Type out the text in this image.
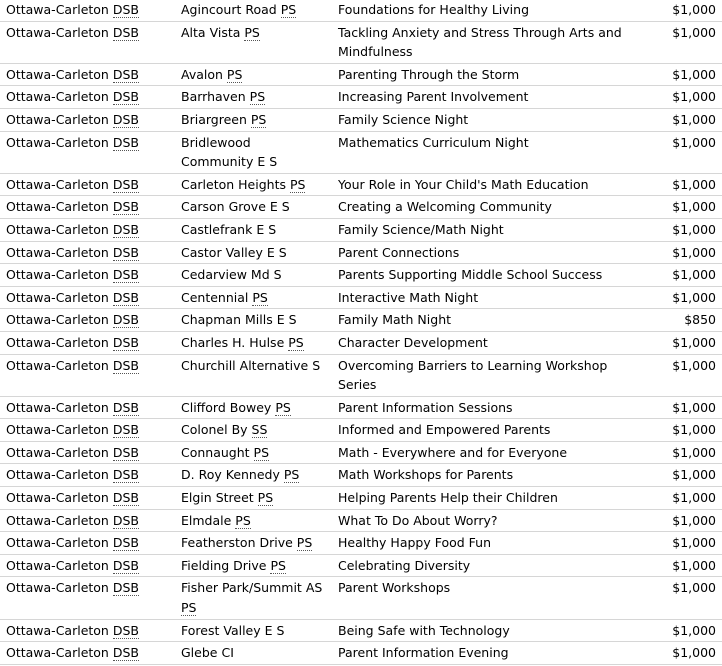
Ottawa-Carleton DSB	Agincourt Road PS	Foundations for Healthy Living	$1,000
Ottawa-Carleton DSB	Alta Vista PS	Tackling Anxiety and Stress Through Arts and Mindfulness	$1,000
Ottawa-Carleton DSB	Avalon PS	Parenting Through the Storm	$1,000
Ottawa-Carleton DSB	Barrhaven PS	Increasing Parent Involvement	$1,000
Ottawa-Carleton DSB	Briargreen PS	Family Science Night	$1,000
Ottawa-Carleton DSB	Bridlewood Community E S	Mathematics Curriculum Night	$1,000
Ottawa-Carleton DSB	Carleton Heights PS	Your Role in Your Child's Math Education	$1,000
Ottawa-Carleton DSB	Carson Grove E S	Creating a Welcoming Community	$1,000
Ottawa-Carleton DSB	Castlefrank E S	Family Science/Math Night	$1,000
Ottawa-Carleton DSB	Castor Valley E S	Parent Connections	$1,000
Ottawa-Carleton DSB	Cedarview Md S	Parents Supporting Middle School Success	$1,000
Ottawa-Carleton DSB	Centennial PS	Interactive Math Night	$1,000
Ottawa-Carleton DSB	Chapman Mills E S	Family Math Night	$850
Ottawa-Carleton DSB	Charles H. Hulse PS	Character Development	$1,000
Ottawa-Carleton DSB	Churchill Alternative S	Overcoming Barriers to Learning Workshop Series	$1,000
Ottawa-Carleton DSB	Clifford Bowey PS	Parent Information Sessions	$1,000
Ottawa-Carleton DSB	Colonel By SS	Informed and Empowered Parents	$1,000
Ottawa-Carleton DSB	Connaught PS	Math - Everywhere and for Everyone	$1,000
Ottawa-Carleton DSB	D. Roy Kennedy PS	Math Workshops for Parents	$1,000
Ottawa-Carleton DSB	Elgin Street PS	Helping Parents Help their Children	$1,000
Ottawa-Carleton DSB	Elmdale PS	What To Do About Worry?	$1,000
Ottawa-Carleton DSB	Featherston Drive PS	Healthy Happy Food Fun	$1,000
Ottawa-Carleton DSB	Fielding Drive PS	Celebrating Diversity	$1,000
Ottawa-Carleton DSB	Fisher Park/Summit AS PS	Parent Workshops	$1,000
Ottawa-Carleton DSB	Forest Valley E S	Being Safe with Technology	$1,000
Ottawa-Carleton DSB	Glebe CI	Parent Information Evening	$1,000
